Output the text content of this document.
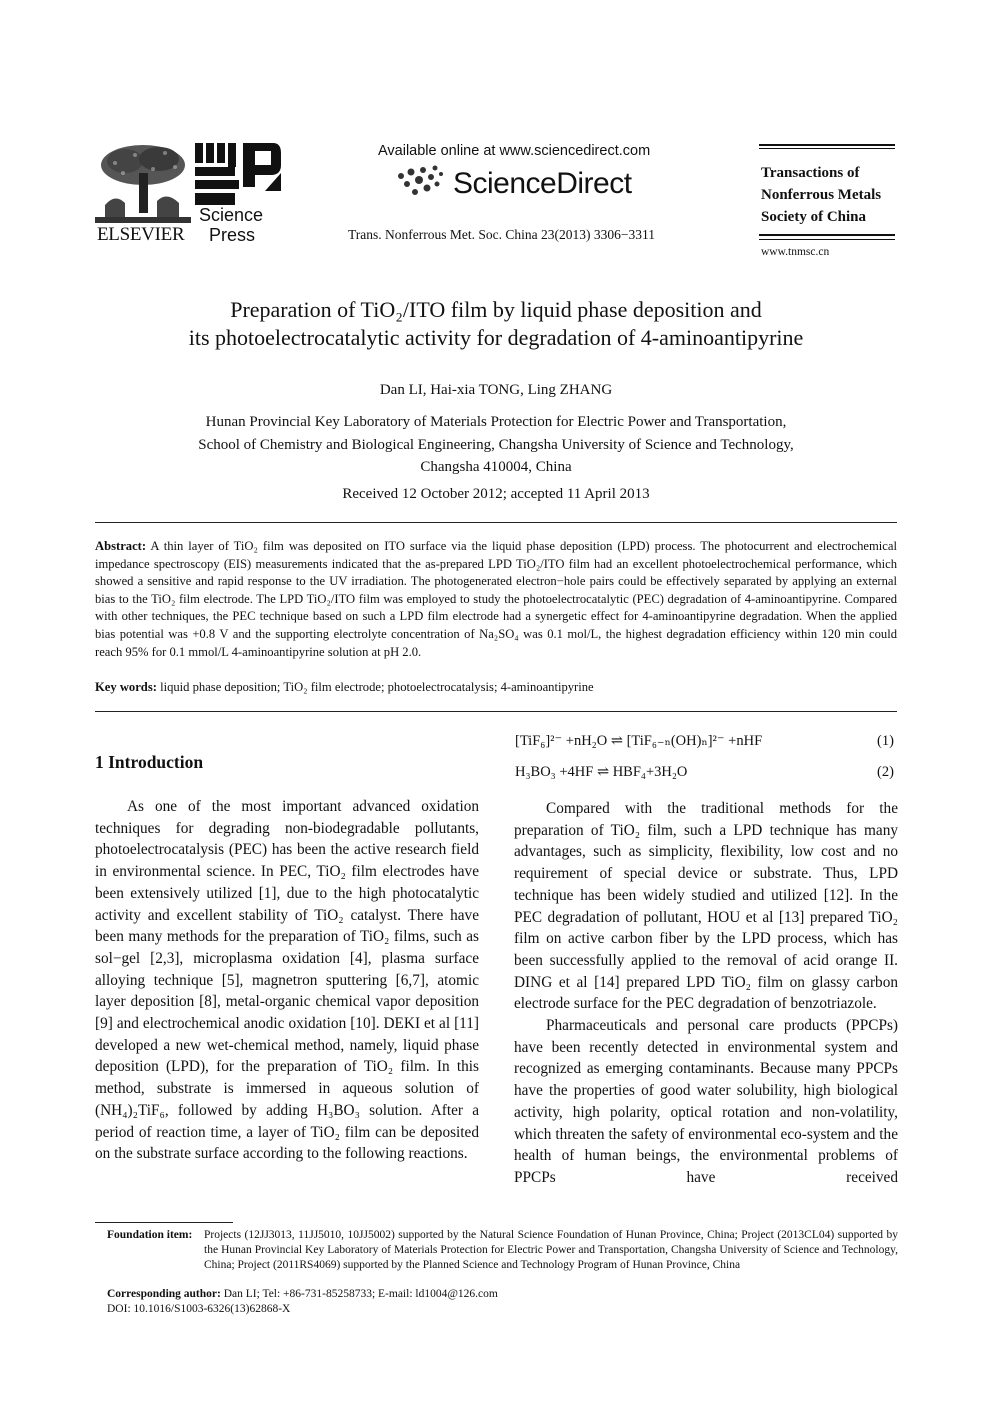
ELSEVIER
Science
Press
Available online at www.sciencedirect.com
ScienceDirect
Trans. Nonferrous Met. Soc. China 23(2013) 3306−3311
Transactions of
Nonferrous Metals
Society of China
www.tnmsc.cn
Preparation of TiO₂/ITO film by liquid phase deposition and
its photoelectrocatalytic activity for degradation of 4-aminoantipyrine
Dan LI, Hai-xia TONG, Ling ZHANG
Hunan Provincial Key Laboratory of Materials Protection for Electric Power and Transportation,
School of Chemistry and Biological Engineering, Changsha University of Science and Technology,
Changsha 410004, China
Received 12 October 2012; accepted 11 April 2013
Abstract: A thin layer of TiO₂ film was deposited on ITO surface via the liquid phase deposition (LPD) process. The photocurrent and electrochemical impedance spectroscopy (EIS) measurements indicated that the as-prepared LPD TiO₂/ITO film had an excellent photoelectrochemical performance, which showed a sensitive and rapid response to the UV irradiation. The photogenerated electron−hole pairs could be effectively separated by applying an external bias to the TiO₂ film electrode. The LPD TiO₂/ITO film was employed to study the photoelectrocatalytic (PEC) degradation of 4-aminoantipyrine. Compared with other techniques, the PEC technique based on such a LPD film electrode had a synergetic effect for 4-aminoantipyrine degradation. When the applied bias potential was +0.8 V and the supporting electrolyte concentration of Na₂SO₄ was 0.1 mol/L, the highest degradation efficiency within 120 min could reach 95% for 0.1 mmol/L 4-aminoantipyrine solution at pH 2.0.
Key words: liquid phase deposition; TiO₂ film electrode; photoelectrocatalysis; 4-aminoantipyrine
1 Introduction

As one of the most important advanced oxidation techniques for degrading non-biodegradable pollutants, photoelectrocatalysis (PEC) has been the active research field in environmental science. In PEC, TiO₂ film electrodes have been extensively utilized [1], due to the high photocatalytic activity and excellent stability of TiO₂ catalyst. There have been many methods for the preparation of TiO₂ films, such as sol−gel [2,3], microplasma oxidation [4], plasma surface alloying technique [5], magnetron sputtering [6,7], atomic layer deposition [8], metal-organic chemical vapor deposition [9] and electrochemical anodic oxidation [10]. DEKI et al [11] developed a new wet-chemical method, namely, liquid phase deposition (LPD), for the preparation of TiO₂ film. In this method, substrate is immersed in aqueous solution of (NH₄)₂TiF₆, followed by adding H₃BO₃ solution. After a period of reaction time, a layer of TiO₂ film can be deposited on the substrate surface according to the following reactions.

[TiF₆]²⁻ +nH₂O ⇌ [TiF₆₋ₙ(OH)ₙ]²⁻ +nHF	(1)
H₃BO₃ +4HF ⇌ HBF₄+3H₂O	(2)

Compared with the traditional methods for the preparation of TiO₂ film, such a LPD technique has many advantages, such as simplicity, flexibility, low cost and no requirement of special device or substrate. Thus, LPD technique has been widely studied and utilized [12]. In the PEC degradation of pollutant, HOU et al [13] prepared TiO₂ film on active carbon fiber by the LPD process, which has been successfully applied to the removal of acid orange II. DING et al [14] prepared LPD TiO₂ film on glassy carbon electrode surface for the PEC degradation of benzotriazole.

Pharmaceuticals and personal care products (PPCPs) have been recently detected in environmental system and recognized as emerging contaminants. Because many PPCPs have the properties of good water solubility, high biological activity, high polarity, optical rotation and non-volatility, which threaten the safety of environmental eco-system and the health of human beings, the environmental problems of PPCPs have received

Foundation item: Projects (12JJ3013, 11JJ5010, 10JJ5002) supported by the Natural Science Foundation of Hunan Province, China; Project (2013CL04) supported by the Hunan Provincial Key Laboratory of Materials Protection for Electric Power and Transportation, Changsha University of Science and Technology, China; Project (2011RS4069) supported by the Planned Science and Technology Program of Hunan Province, China
Corresponding author: Dan LI; Tel: +86-731-85258733; E-mail: ld1004@126.com
DOI: 10.1016/S1003-6326(13)62868-X
